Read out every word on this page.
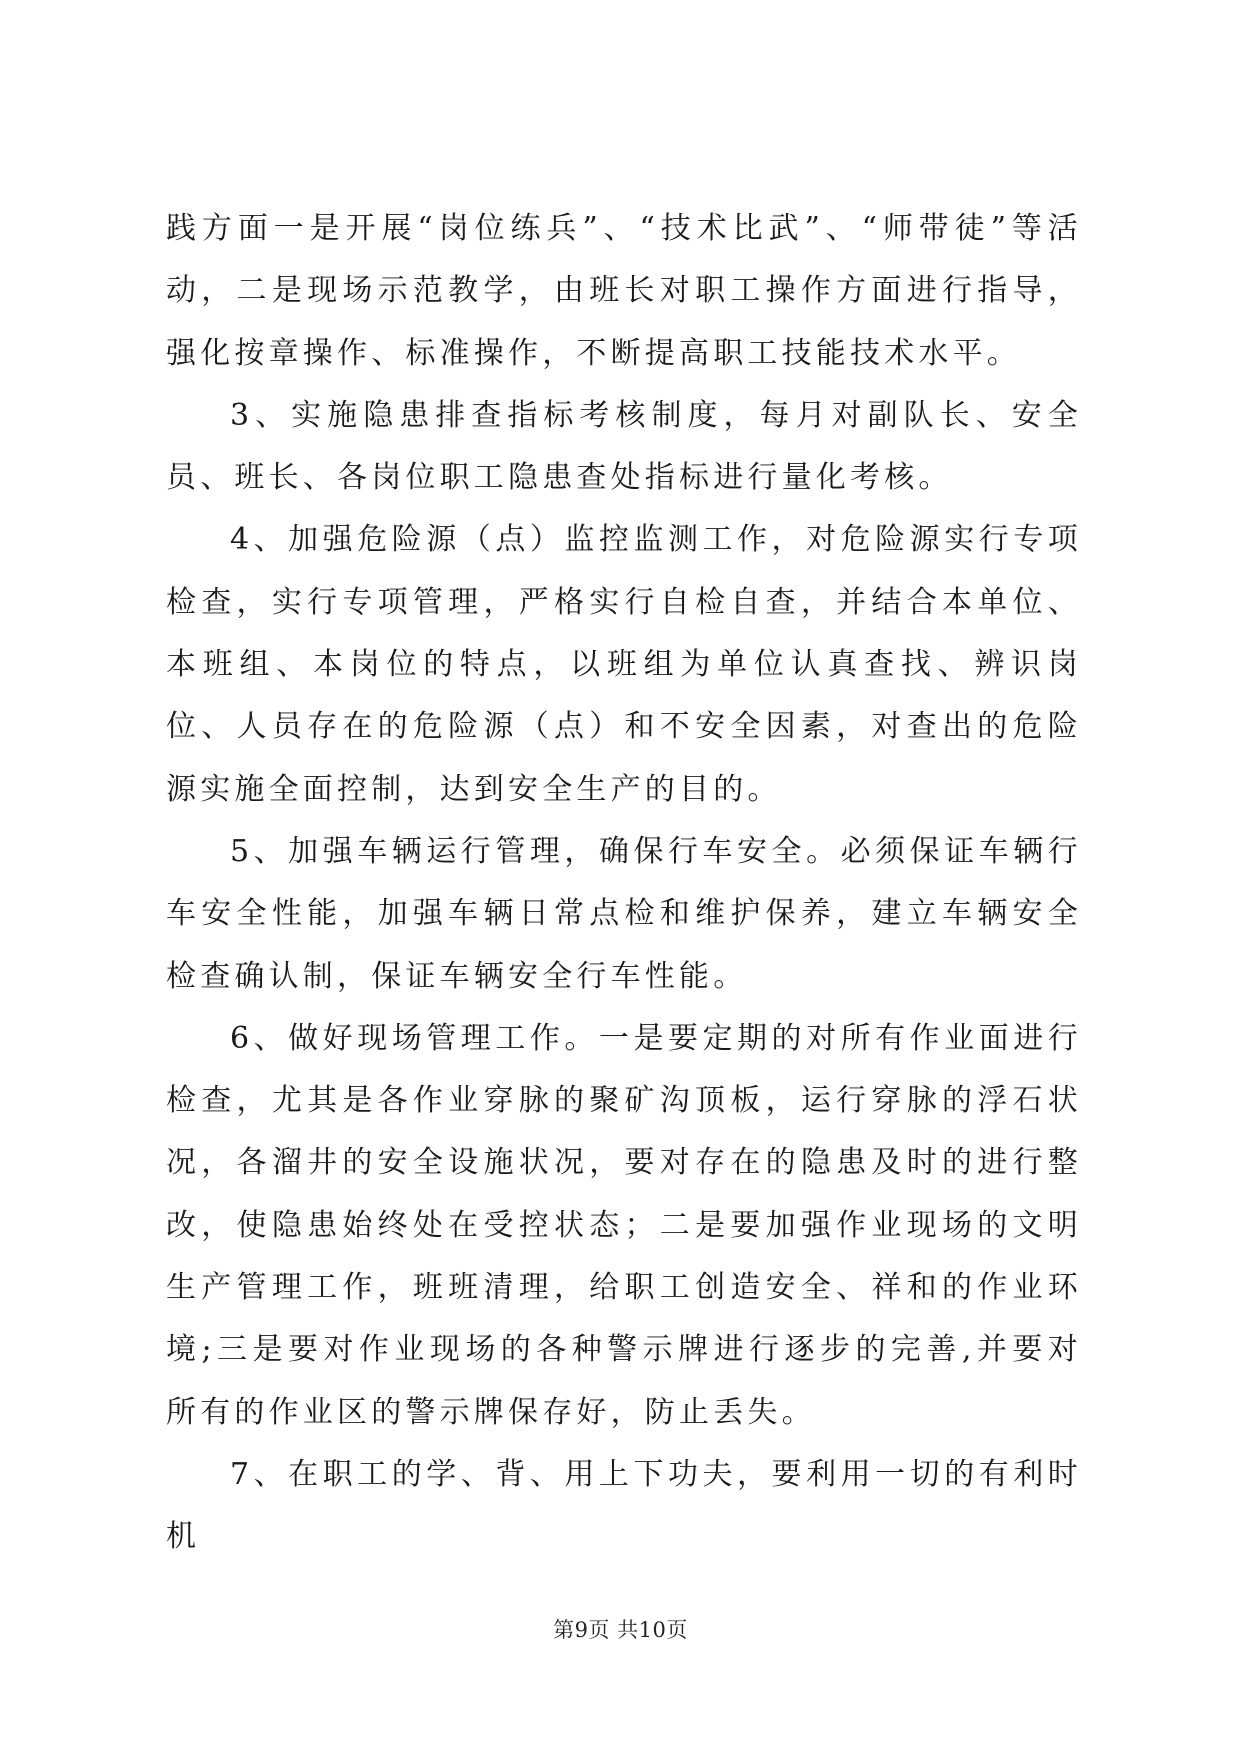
践方面一是开展“岗位练兵”、“技术比武”、“师带徒”等活动，二是现场示范教学，由班长对职工操作方面进行指导，强化按章操作、标准操作，不断提高职工技能技术水平。

3、实施隐患排查指标考核制度，每月对副队长、安全员、班长、各岗位职工隐患查处指标进行量化考核。

4、加强危险源（点）监控监测工作，对危险源实行专项检查，实行专项管理，严格实行自检自查，并结合本单位、本班组、本岗位的特点，以班组为单位认真查找、辨识岗位、人员存在的危险源（点）和不安全因素，对查出的危险源实施全面控制，达到安全生产的目的。

5、加强车辆运行管理，确保行车安全。必须保证车辆行车安全性能，加强车辆日常点检和维护保养，建立车辆安全检查确认制，保证车辆安全行车性能。

6、做好现场管理工作。一是要定期的对所有作业面进行检查，尤其是各作业穿脉的聚矿沟顶板，运行穿脉的浮石状况，各溜井的安全设施状况，要对存在的隐患及时的进行整改，使隐患始终处在受控状态；二是要加强作业现场的文明生产管理工作，班班清理，给职工创造安全、祥和的作业环境;三是要对作业现场的各种警示牌进行逐步的完善,并要对所有的作业区的警示牌保存好，防止丢失。

7、在职工的学、背、用上下功夫，要利用一切的有利时机

第9页 共10页
